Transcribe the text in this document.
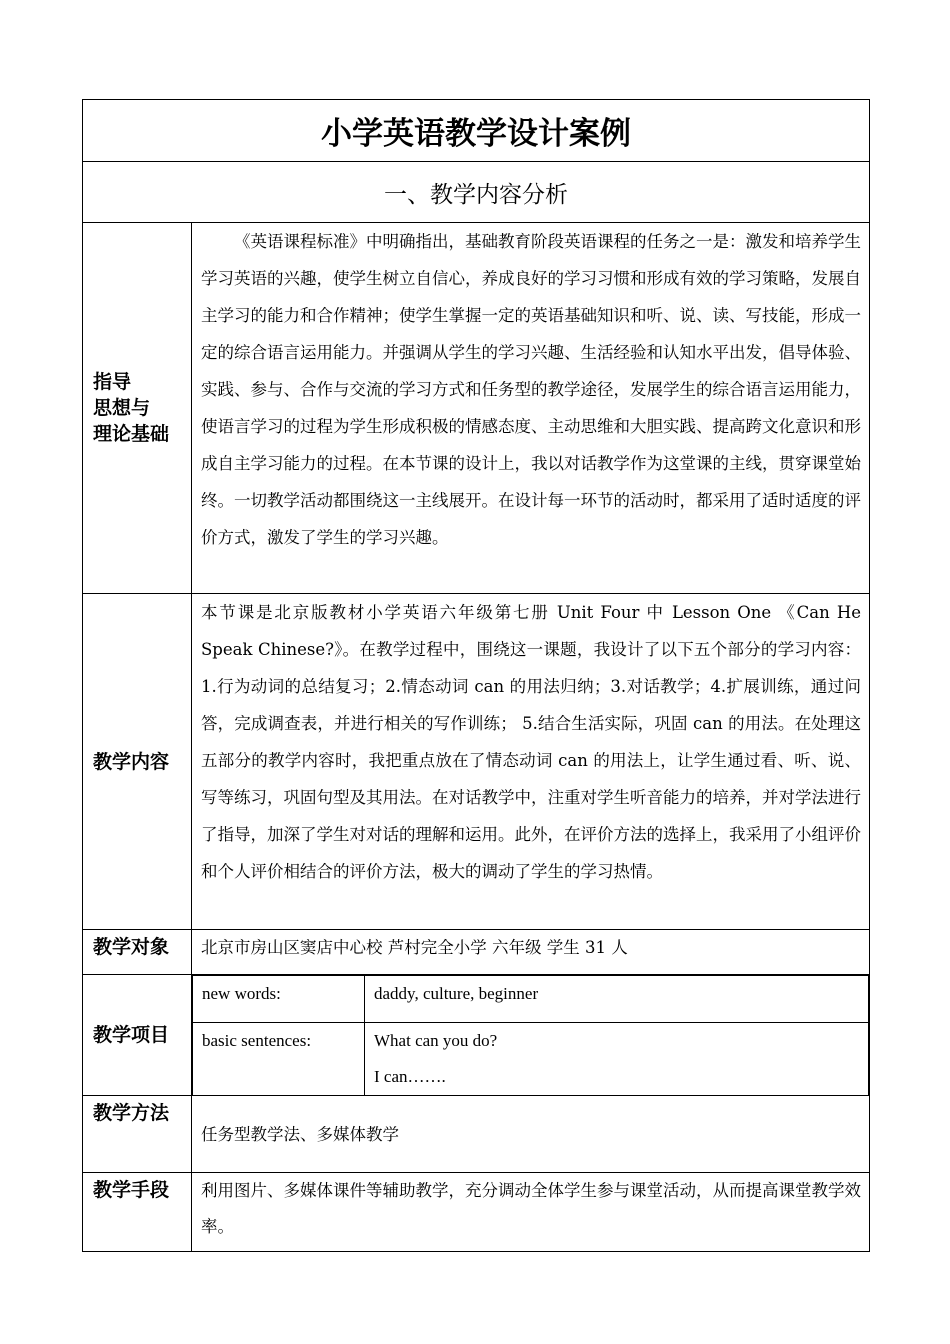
小学英语教学设计案例
一、教学内容分析

指导
思想与
理论基础
	《英语课程标准》中明确指出，基础教育阶段英语课程的任务之一是：激发和培养学生学习英语的兴趣，使学生树立自信心，养成良好的学习习惯和形成有效的学习策略，发展自主学习的能力和合作精神；使学生掌握一定的英语基础知识和听、说、读、写技能，形成一定的综合语言运用能力。并强调从学生的学习兴趣、生活经验和认知水平出发，倡导体验、实践、参与、合作与交流的学习方式和任务型的教学途径，发展学生的综合语言运用能力，使语言学习的过程为学生形成积极的情感态度、主动思维和大胆实践、提高跨文化意识和形成自主学习能力的过程。在本节课的设计上，我以对话教学作为这堂课的主线，贯穿课堂始终。一切教学活动都围绕这一主线展开。在设计每一环节的活动时，都采用了适时适度的评价方式，激发了学生的学习兴趣。
教学内容	本节课是北京版教材小学英语六年级第七册 Unit Four 中 Lesson One 《Can He Speak Chinese?》。在教学过程中，围绕这一课题，我设计了以下五个部分的学习内容：1.行为动词的总结复习；2.情态动词 can 的用法归纳；3.对话教学；4.扩展训练，通过问答，完成调查表，并进行相关的写作训练； 5.结合生活实际，巩固 can 的用法。在处理这五部分的教学内容时，我把重点放在了情态动词 can 的用法上，让学生通过看、听、说、写等练习，巩固句型及其用法。在对话教学中，注重对学生听音能力的培养，并对学法进行了指导，加深了学生对对话的理解和运用。此外，在评价方法的选择上，我采用了小组评价和个人评价相结合的评价方法，极大的调动了学生的学习热情。
教学对象	北京市房山区窦店中心校 芦村完全小学 六年级 学生 31 人
教学项目	
new words:	daddy, culture, beginner
basic sentences:	What can you do?
I can…….

教学方法	任务型教学法、多媒体教学
教学手段	利用图片、多媒体课件等辅助教学，充分调动全体学生参与课堂活动，从而提高课堂教学效率。
